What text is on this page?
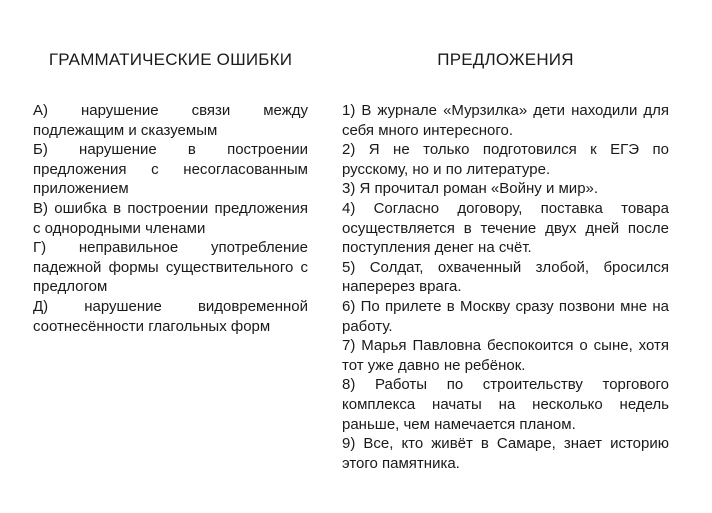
ГРАММАТИЧЕСКИЕ ОШИБКИ	ПРЕДЛОЖЕНИЯ
А) нарушение связи между подлежащим и сказуемым
Б) нарушение в построении предложения с несогласованным приложением
В) ошибка в построении предложения с однородными членами
Г) неправильное употребление падежной формы существительного с предлогом
Д) нарушение видовременной соотнесённости глагольных форм
1) В журнале «Мурзилка» дети находили для себя много интересного.
2) Я не только подготовился к ЕГЭ по русскому, но и по литературе.
3) Я прочитал роман «Войну и мир».
4) Согласно договору, поставка товара осуществляется в течение двух дней после поступления денег на счёт.
5) Солдат, охваченный злобой, бросился наперерез врага.
6) По прилете в Москву сразу позвони мне на работу.
7) Марья Павловна беспокоится о сыне, хотя тот уже давно не ребёнок.
8) Работы по строительству торгового комплекса начаты на несколько недель раньше, чем намечается планом.
9) Все, кто живёт в Самаре, знает историю этого памятника.
